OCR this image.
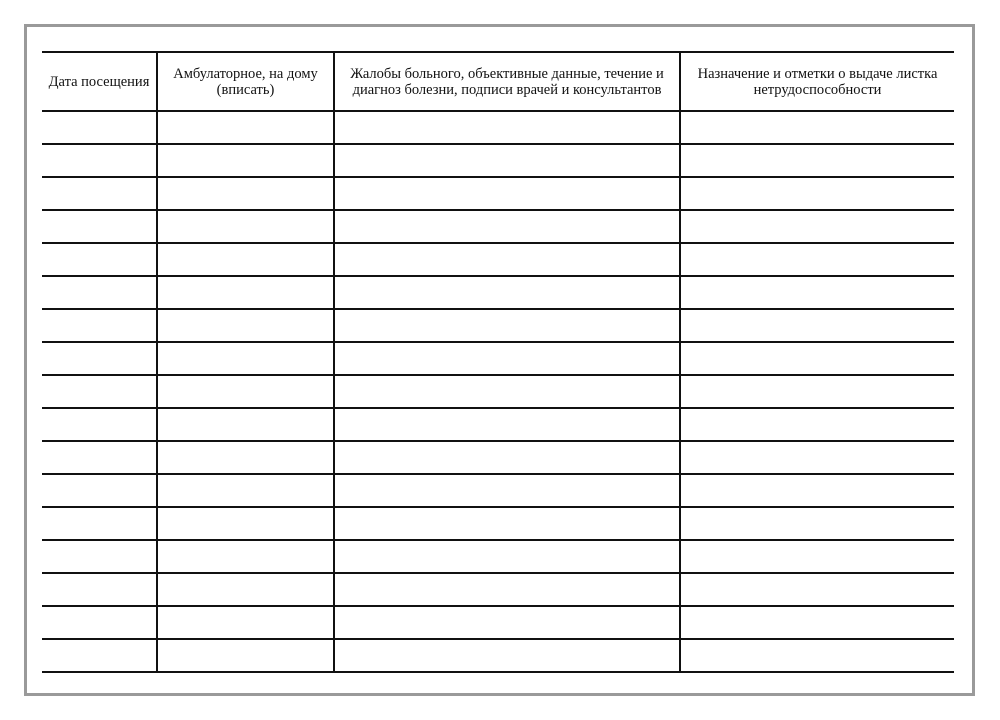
Дата посещения	Амбулаторное, на дому (вписать)	Жалобы больного, объективные данные, течение и диагноз болезни, подписи врачей и консультантов	Назначение и отметки о выдаче листка нетрудоспособности
